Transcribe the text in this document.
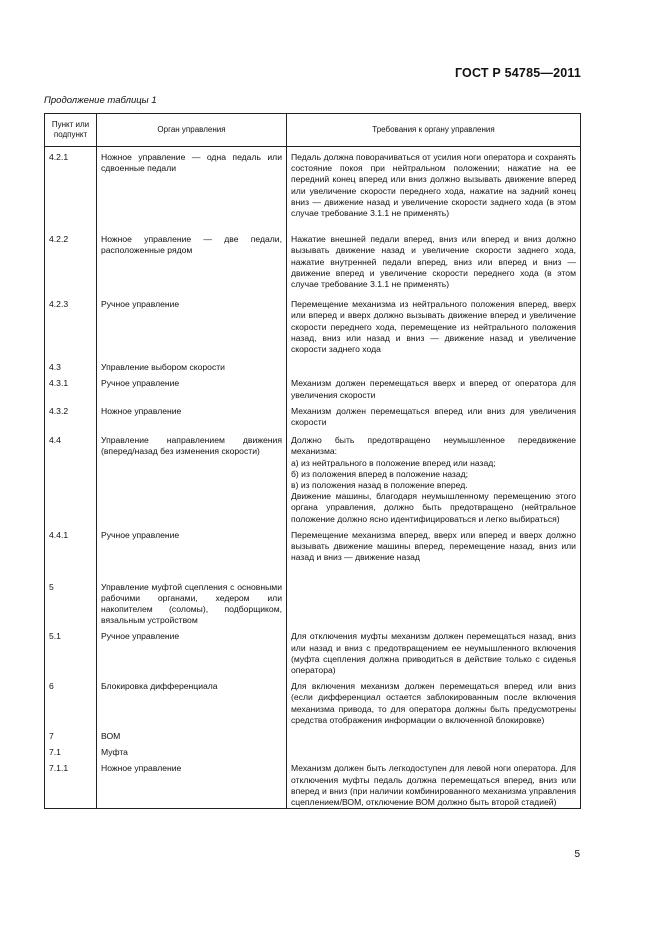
ГОСТ Р 54785—2011
Продолжение таблицы 1
Пункт или подпункт	Орган управления	Требования к органу управления
4.2.1	Ножное управление — одна педаль или сдвоенные педали	Педаль должна поворачиваться от усилия ноги оператора и сохранять состояние покоя при нейтральном положении; нажатие на ее передний конец вперед или вниз должно вызывать движение вперед или увеличение скорости переднего хода, нажатие на задний конец вниз — движение назад и увеличение скорости заднего хода (в этом случае требование 3.1.1 не применять)
4.2.2	Ножное управление — две педали, расположенные рядом	Нажатие внешней педали вперед, вниз или вперед и вниз должно вызывать движение назад и увеличение скорости заднего хода, нажатие внутренней педали вперед, вниз или вперед и вниз — движение вперед и увеличение скорости переднего хода (в этом случае требование 3.1.1 не применять)
4.2.3	Ручное управление	Перемещение механизма из нейтрального положения вперед, вверх или вперед и вверх должно вызывать движение вперед и увеличение скорости переднего хода, перемещение из нейтрального положения назад, вниз или назад и вниз — движение назад и увеличение скорости заднего хода
4.3	Управление выбором скорости	
4.3.1	Ручное управление	Механизм должен перемещаться вверх и вперед от оператора для увеличения скорости
4.3.2	Ножное управление	Механизм должен перемещаться вперед или вниз для увеличения скорости
4.4	Управление направлением движения (вперед/назад без изменения скорости)	Должно быть предотвращено неумышленное передвижение механизма:
а) из нейтрального в положение вперед или назад;
б) из положения вперед в положение назад;
в) из положения назад в положение вперед.
Движение машины, благодаря неумышленному перемещению этого органа управления, должно быть предотвращено (нейтральное положение должно ясно идентифицироваться и легко выбираться)
4.4.1	Ручное управление	Перемещение механизма вперед, вверх или вперед и вверх должно вызывать движение машины вперед, перемещение назад, вниз или назад и вниз — движение назад
5	Управление муфтой сцепления с основными рабочими органами, хедером или накопителем (соломы), подборщиком, вязальным устройством	
5.1	Ручное управление	Для отключения муфты механизм должен перемещаться назад, вниз или назад и вниз с предотвращением ее неумышленного включения (муфта сцепления должна приводиться в действие только с сиденья оператора)
6	Блокировка дифференциала	Для включения механизм должен перемещаться вперед или вниз (если дифференциал остается заблокированным после включения механизма привода, то для оператора должны быть предусмотрены средства отображения информации о включенной блокировке)
7	ВОМ	
7.1	Муфта	
7.1.1	Ножное управление	Механизм должен быть легкодоступен для левой ноги оператора. Для отключения муфты педаль должна перемещаться вперед, вниз или вперед и вниз (при наличии комбинированного механизма управления сцеплением/ВОМ, отключение ВОМ должно быть второй стадией)
5
